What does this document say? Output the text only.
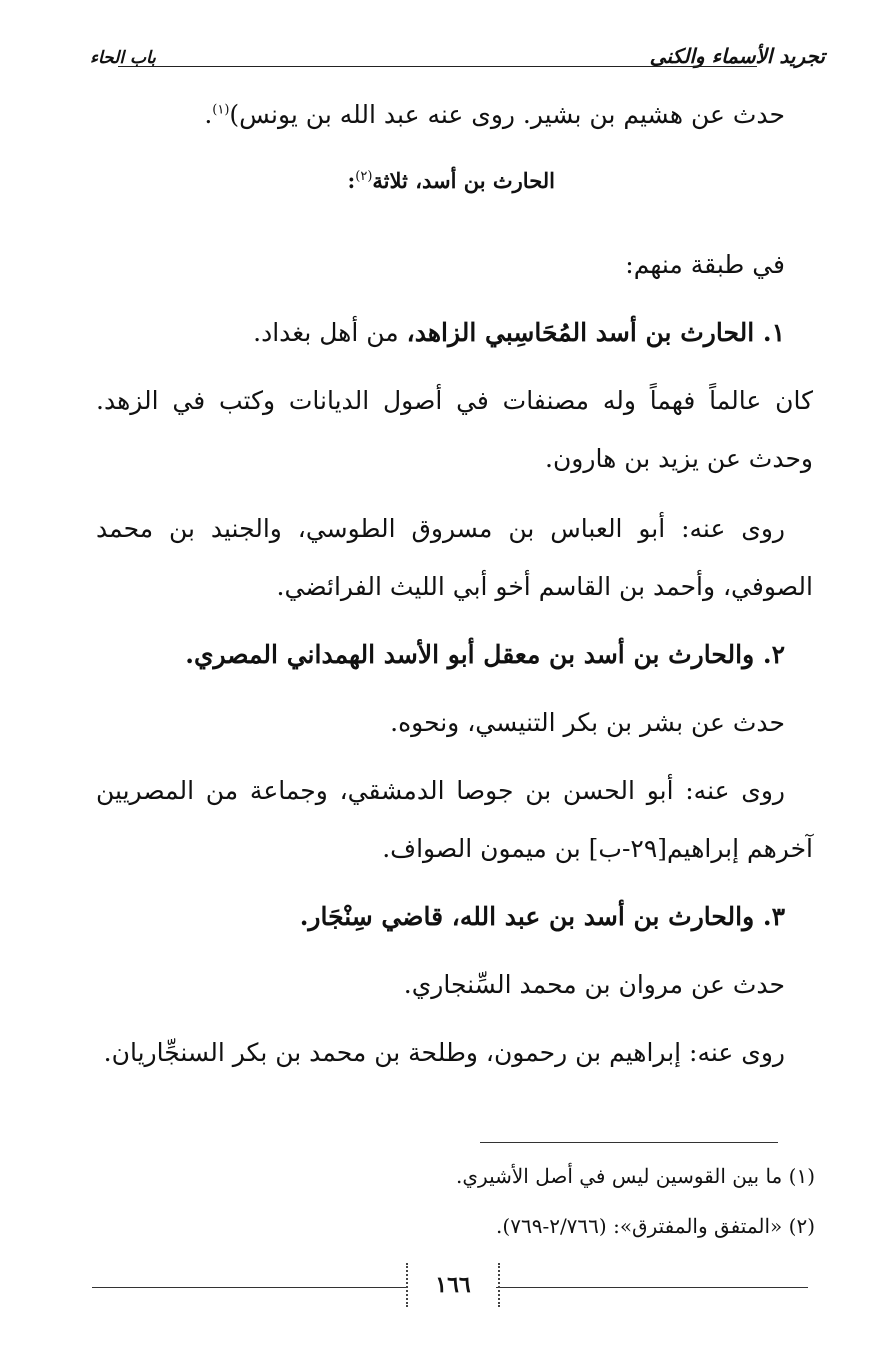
تجريد الأسماء والكنى
باب الحاء
حدث عن هشيم بن بشير. روى عنه عبد الله بن يونس)$^{(١)}$.
الحارث بن أسد، ثلاثة$^{(٢)}$:
في طبقة منهم:
١. الحارث بن أسد المُحَاسِبي الزاهد، من أهل بغداد.
كان عالماً فهماً وله مصنفات في أصول الديانات وكتب في الزهد.
وحدث عن يزيد بن هارون.
روى عنه: أبو العباس بن مسروق الطوسي، والجنيد بن محمد
الصوفي، وأحمد بن القاسم أخو أبي الليث الفرائضي.
٢. والحارث بن أسد بن معقل أبو الأسد الهمداني المصري.
حدث عن بشر بن بكر التنيسي، ونحوه.
روى عنه: أبو الحسن بن جوصا الدمشقي، وجماعة من المصريين
آخرهم إبراهيم[٢٩-ب] بن ميمون الصواف.
٣. والحارث بن أسد بن عبد الله، قاضي سِنْجَار.
حدث عن مروان بن محمد السِّنجاري.
روى عنه: إبراهيم بن رحمون، وطلحة بن محمد بن بكر السنجِّاريان.
(١) ما بين القوسين ليس في أصل الأشيري.
(٢) «المتفق والمفترق»: (٢/٧٦٦-٧٦٩).
١٦٦
